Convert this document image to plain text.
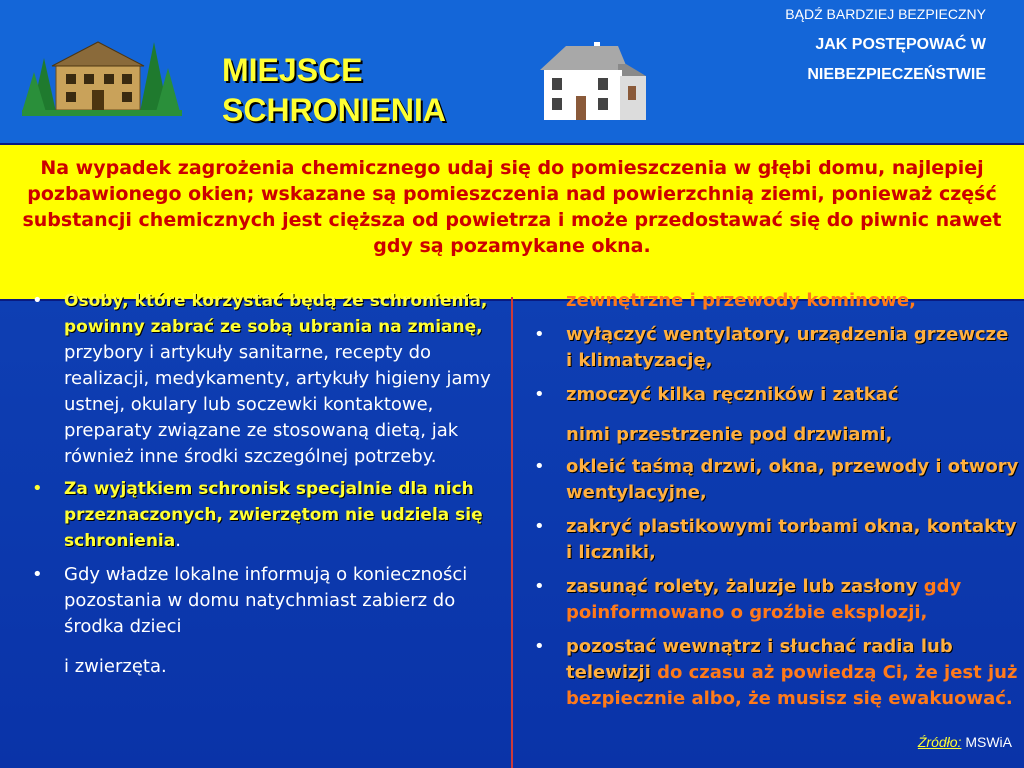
MIEJSCE
SCHRONIENIA
BĄDŹ BARDZIEJ BEZPIECZNY
JAK POSTĘPOWAĆ W
NIEBEZPIECZEŃSTWIE

Na wypadek zagrożenia chemicznego udaj się do pomieszczenia w głębi domu, najlepiej pozbawionego okien; wskazane są pomieszczenia nad powierzchnią ziemi, ponieważ część substancji chemicznych jest cięższa od powietrza i może przedostawać się do piwnic nawet gdy są pozamykane okna.

• Osoby, które korzystać będą ze schronienia, powinny zabrać ze sobą ubrania na zmianę, przybory i artykuły sanitarne, recepty do realizacji, medykamenty, artykuły higieny jamy ustnej, okulary lub soczewki kontaktowe, preparaty związane ze stosowaną dietą, jak również inne środki szczególnej potrzeby.
• Za wyjątkiem schronisk specjalnie dla nich przeznaczonych, zwierzętom nie udziela się schronienia.
• Gdy władze lokalne informują o konieczności pozostania w domu natychmiast zabierz do środka dzieci
i zwierzęta.
zewnętrzne i przewody kominowe,
• wyłączyć wentylatory, urządzenia grzewcze i klimatyzację,
• zmoczyć kilka ręczników i zatkać
nimi przestrzenie pod drzwiami,
• okleić taśmą drzwi, okna, przewody i otwory wentylacyjne,
• zakryć plastikowymi torbami okna, kontakty i liczniki,
• zasunąć rolety, żaluzje lub zasłony gdy poinformowano o groźbie eksplozji,
• pozostać wewnątrz i słuchać radia lub telewizji do czasu aż powiedzą Ci, że jest już bezpiecznie albo, że musisz się ewakuować.
Źródło: MSWiA
